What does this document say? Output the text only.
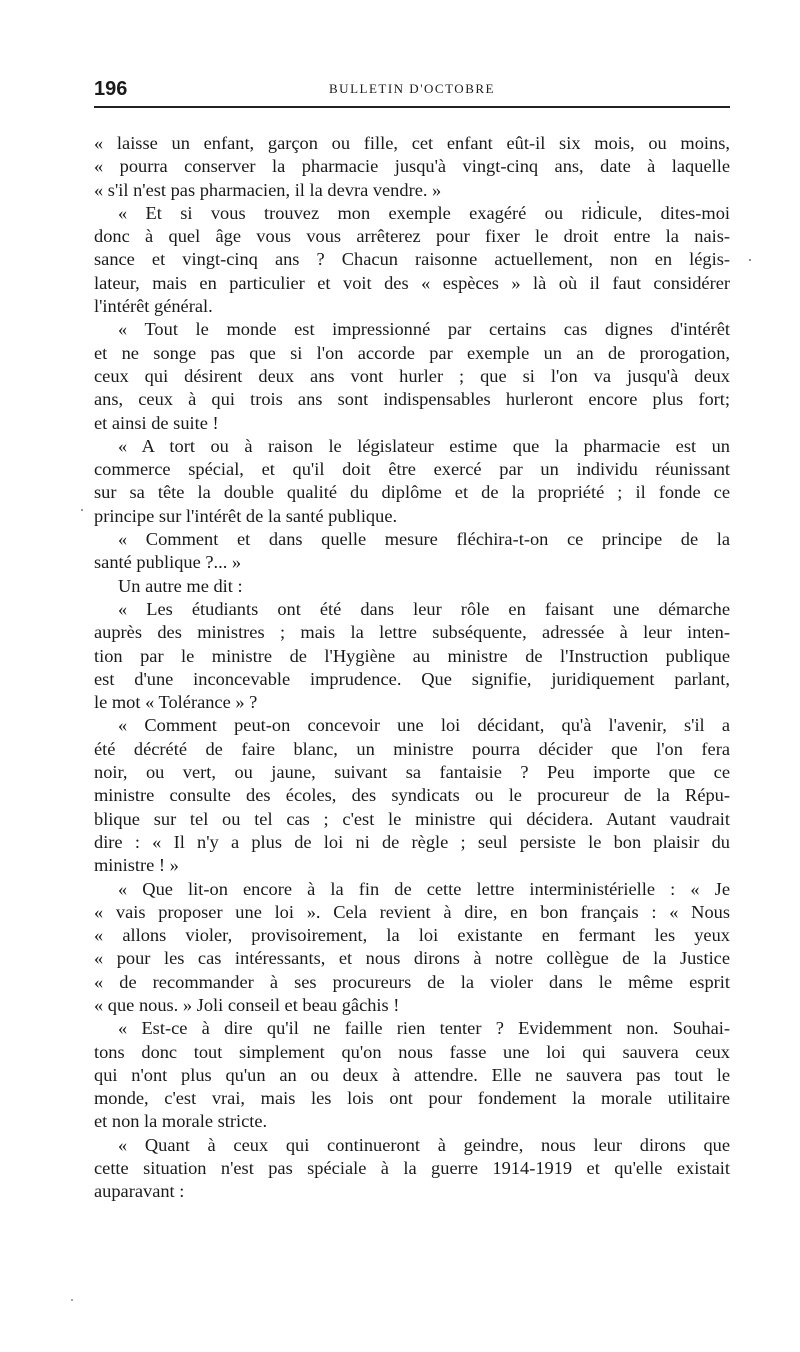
196	BULLETIN D'OCTOBRE
« laisse un enfant, garçon ou fille, cet enfant eût-il six mois, ou moins,
« pourra conserver la pharmacie jusqu'à vingt-cinq ans, date à laquelle
« s'il n'est pas pharmacien, il la devra vendre. »
« Et si vous trouvez mon exemple exagéré ou ridicule, dites-moi
donc à quel âge vous vous arrêterez pour fixer le droit entre la nais-
sance et vingt-cinq ans ? Chacun raisonne actuellement, non en légis-
lateur, mais en particulier et voit des « espèces » là où il faut considérer
l'intérêt général.
« Tout le monde est impressionné par certains cas dignes d'intérêt
et ne songe pas que si l'on accorde par exemple un an de prorogation,
ceux qui désirent deux ans vont hurler ; que si l'on va jusqu'à deux
ans, ceux à qui trois ans sont indispensables hurleront encore plus fort;
et ainsi de suite !
« A tort ou à raison le législateur estime que la pharmacie est un
commerce spécial, et qu'il doit être exercé par un individu réunissant
sur sa tête la double qualité du diplôme et de la propriété ; il fonde ce
principe sur l'intérêt de la santé publique.
« Comment et dans quelle mesure fléchira-t-on ce principe de la
santé publique ?... »
Un autre me dit :
« Les étudiants ont été dans leur rôle en faisant une démarche
auprès des ministres ; mais la lettre subséquente, adressée à leur inten-
tion par le ministre de l'Hygiène au ministre de l'Instruction publique
est d'une inconcevable imprudence. Que signifie, juridiquement parlant,
le mot « Tolérance » ?
« Comment peut-on concevoir une loi décidant, qu'à l'avenir, s'il a
été décrété de faire blanc, un ministre pourra décider que l'on fera
noir, ou vert, ou jaune, suivant sa fantaisie ? Peu importe que ce
ministre consulte des écoles, des syndicats ou le procureur de la Répu-
blique sur tel ou tel cas ; c'est le ministre qui décidera. Autant vaudrait
dire : « Il n'y a plus de loi ni de règle ; seul persiste le bon plaisir du
ministre ! »
« Que lit-on encore à la fin de cette lettre interministérielle : « Je
« vais proposer une loi ». Cela revient à dire, en bon français : « Nous
« allons violer, provisoirement, la loi existante en fermant les yeux
« pour les cas intéressants, et nous dirons à notre collègue de la Justice
« de recommander à ses procureurs de la violer dans le même esprit
« que nous. » Joli conseil et beau gâchis !
« Est-ce à dire qu'il ne faille rien tenter ? Evidemment non. Souhai-
tons donc tout simplement qu'on nous fasse une loi qui sauvera ceux
qui n'ont plus qu'un an ou deux à attendre. Elle ne sauvera pas tout le
monde, c'est vrai, mais les lois ont pour fondement la morale utilitaire
et non la morale stricte.
« Quant à ceux qui continueront à geindre, nous leur dirons que
cette situation n'est pas spéciale à la guerre 1914-1919 et qu'elle existait
auparavant :
